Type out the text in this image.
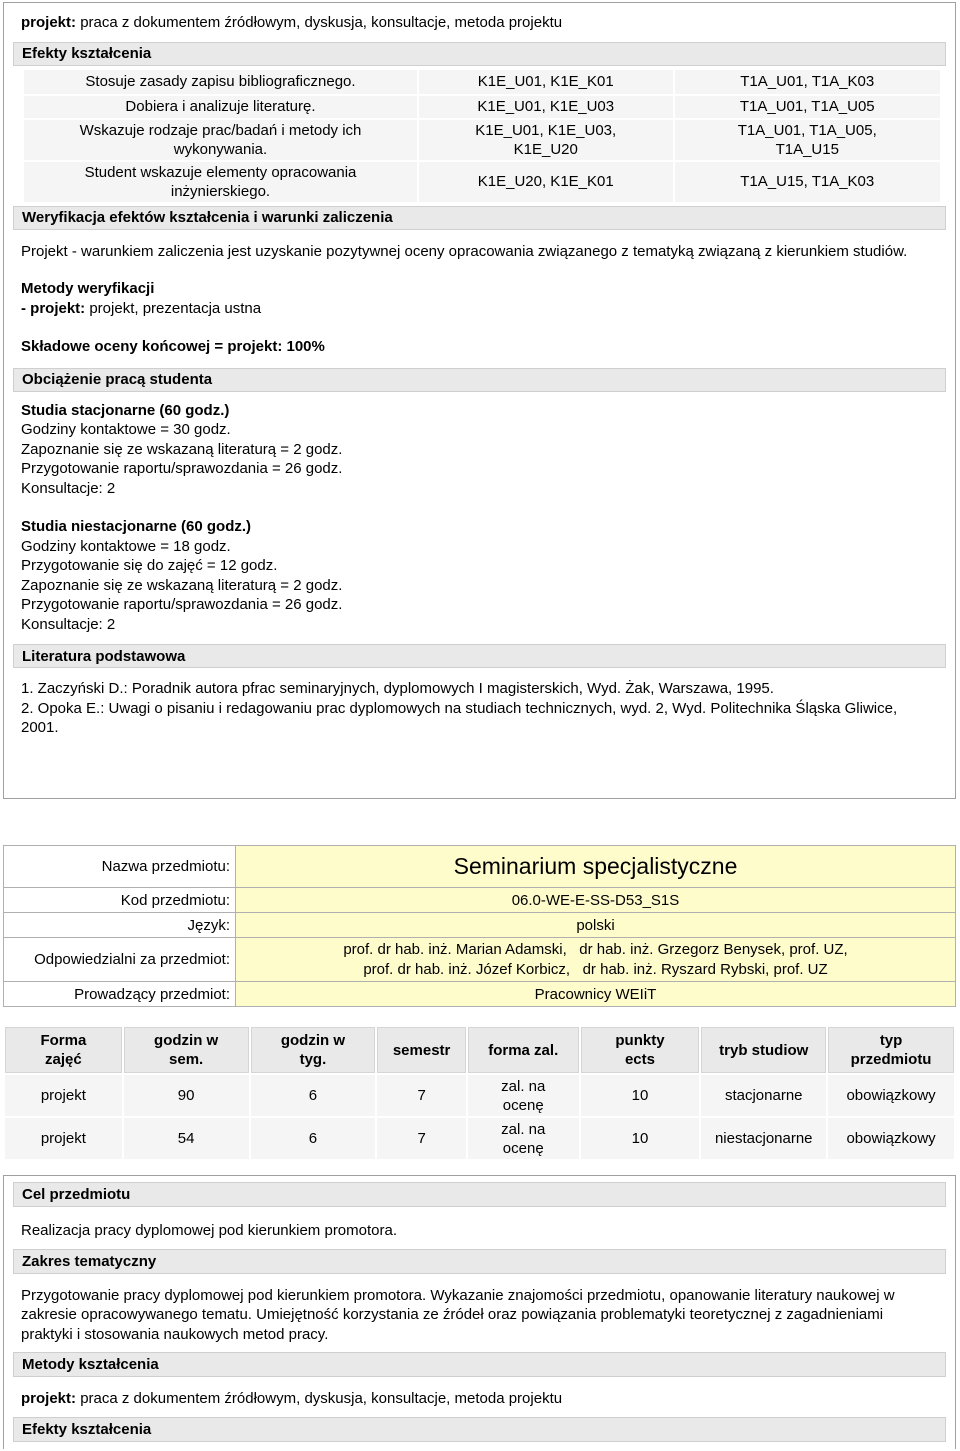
projekt: praca z dokumentem źródłowym, dyskusja, konsultacje, metoda projektu
Efekty kształcenia
Stosuje zasady zapisu bibliograficznego.	K1E_U01, K1E_K01	T1A_U01, T1A_K03
Dobiera i analizuje literaturę.	K1E_U01, K1E_U03	T1A_U01, T1A_U05
Wskazuje rodzaje prac/badań i metody ich wykonywania.	K1E_U01, K1E_U03, K1E_U20	T1A_U01, T1A_U05, T1A_U15
Student wskazuje elementy opracowania inżynierskiego.	K1E_U20, K1E_K01	T1A_U15, T1A_K03
Weryfikacja efektów kształcenia i warunki zaliczenia
Projekt - warunkiem zaliczenia jest uzyskanie pozytywnej oceny opracowania związanego z tematyką związaną z kierunkiem studiów.
Metody weryfikacji
- projekt: projekt, prezentacja ustna
Składowe oceny końcowej = projekt: 100%
Obciążenie pracą studenta
Studia stacjonarne (60 godz.)
Godziny kontaktowe = 30 godz.
Zapoznanie się ze wskazaną literaturą = 2 godz.
Przygotowanie raportu/sprawozdania = 26 godz.
Konsultacje: 2
Studia niestacjonarne (60 godz.)
Godziny kontaktowe = 18 godz.
Przygotowanie się do zajęć = 12 godz.
Zapoznanie się ze wskazaną literaturą = 2 godz.
Przygotowanie raportu/sprawozdania = 26 godz.
Konsultacje: 2
Literatura podstawowa
1. Zaczyński D.: Poradnik autora pfrac seminaryjnych, dyplomowych I magisterskich, Wyd. Żak, Warszawa, 1995.
2. Opoka E.: Uwagi o pisaniu i redagowaniu prac dyplomowych na studiach technicznych, wyd. 2, Wyd. Politechnika Śląska Gliwice, 2001.
Nazwa przedmiotu:	Seminarium specjalistyczne
Kod przedmiotu:	06.0-WE-E-SS-D53_S1S
Język:	polski
Odpowiedzialni za przedmiot:	prof. dr hab. inż. Marian Adamski,   dr hab. inż. Grzegorz Benysek, prof. UZ,
prof. dr hab. inż. Józef Korbicz,   dr hab. inż. Ryszard Rybski, prof. UZ

Prowadzący przedmiot:	Pracownicy WEIiT
Forma zajęć	godzin w sem.	godzin w tyg.	semestr	forma zal.	punkty ects	tryb studiow	typ przedmiotu
projekt	90	6	7	zal. na ocenę	10	stacjonarne	obowiązkowy
projekt	54	6	7	zal. na ocenę	10	niestacjonarne	obowiązkowy
Cel przedmiotu
Realizacja pracy dyplomowej pod kierunkiem promotora.
Zakres tematyczny
Przygotowanie pracy dyplomowej pod kierunkiem promotora. Wykazanie znajomości przedmiotu, opanowanie literatury naukowej w zakresie opracowywanego tematu. Umiejętność korzystania ze źródeł oraz powiązania problematyki teoretycznej z zagadnieniami praktyki i stosowania naukowych metod pracy.
Metody kształcenia
projekt: praca z dokumentem źródłowym, dyskusja, konsultacje, metoda projektu
Efekty kształcenia
